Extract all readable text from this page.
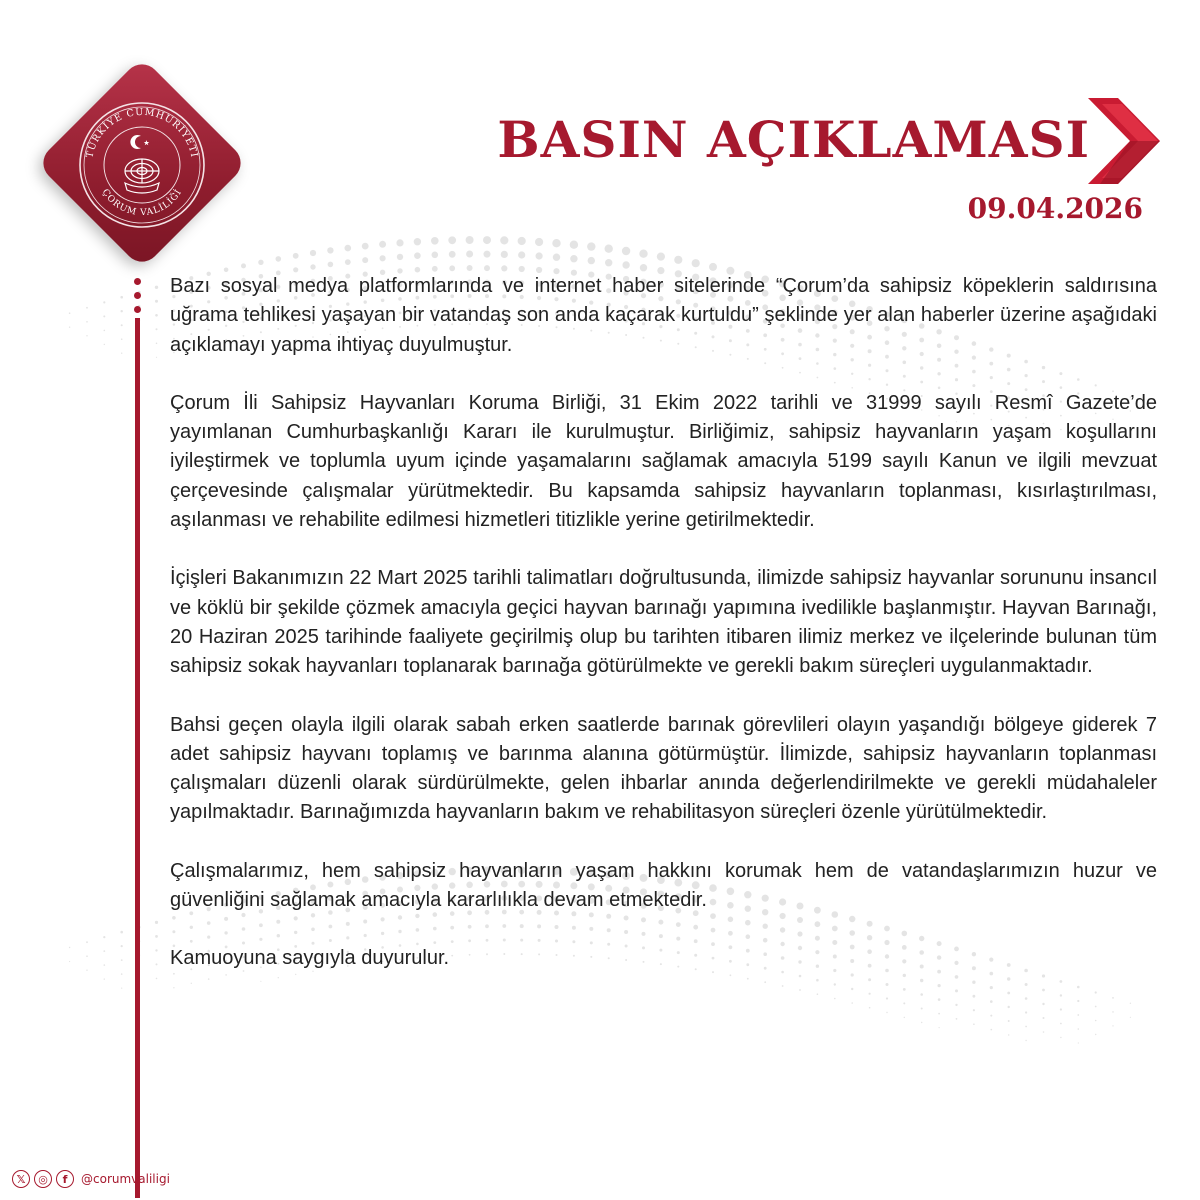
TÜRKİYE CUMHURİYETİ
ÇORUM VALİLİĞİ
BASIN AÇIKLAMASI
09.04.2026

Bazı sosyal medya platformlarında ve internet haber sitelerinde “Çorum’da sahipsiz köpeklerin saldırısına uğrama tehlikesi yaşayan bir vatandaş son anda kaçarak kurtuldu” şeklinde yer alan haberler üzerine aşağıdaki açıklamayı yapma ihtiyaç duyulmuştur.

Çorum İli Sahipsiz Hayvanları Koruma Birliği, 31 Ekim 2022 tarihli ve 31999 sayılı Resmî Gazete’de yayımlanan Cumhurbaşkanlığı Kararı ile kurulmuştur. Birliğimiz, sahipsiz hayvanların yaşam koşullarını iyileştirmek ve toplumla uyum içinde yaşamalarını sağlamak amacıyla 5199 sayılı Kanun ve ilgili mevzuat çerçevesinde çalışmalar yürütmektedir. Bu kapsamda sahipsiz hayvanların toplanması, kısırlaştırılması, aşılanması ve rehabilite edilmesi hizmetleri titizlikle yerine getirilmektedir.

İçişleri Bakanımızın 22 Mart 2025 tarihli talimatları doğrultusunda, ilimizde sahipsiz hayvanlar sorununu insancıl ve köklü bir şekilde çözmek amacıyla geçici hayvan barınağı yapımına ivedilikle başlanmıştır. Hayvan Barınağı, 20 Haziran 2025 tarihinde faaliyete geçirilmiş olup bu tarihten itibaren ilimiz merkez ve ilçelerinde bulunan tüm sahipsiz sokak hayvanları toplanarak barınağa götürülmekte ve gerekli bakım süreçleri uygulanmaktadır.

Bahsi geçen olayla ilgili olarak sabah erken saatlerde barınak görevlileri olayın yaşandığı bölgeye giderek 7 adet sahipsiz hayvanı toplamış ve barınma alanına götürmüştür. İlimizde, sahipsiz hayvanların toplanması çalışmaları düzenli olarak sürdürülmekte, gelen ihbarlar anında değerlendirilmekte ve gerekli müdahaleler yapılmaktadır. Barınağımızda hayvanların bakım ve rehabilitasyon süreçleri özenle yürütülmektedir.

Çalışmalarımız, hem sahipsiz hayvanların yaşam hakkını korumak hem de vatandaşlarımızın huzur ve güvenliğini sağlamak amacıyla kararlılıkla devam etmektedir.

Kamuoyuna saygıyla duyurulur.

𝕏	◎	f	@corumvaliligi
